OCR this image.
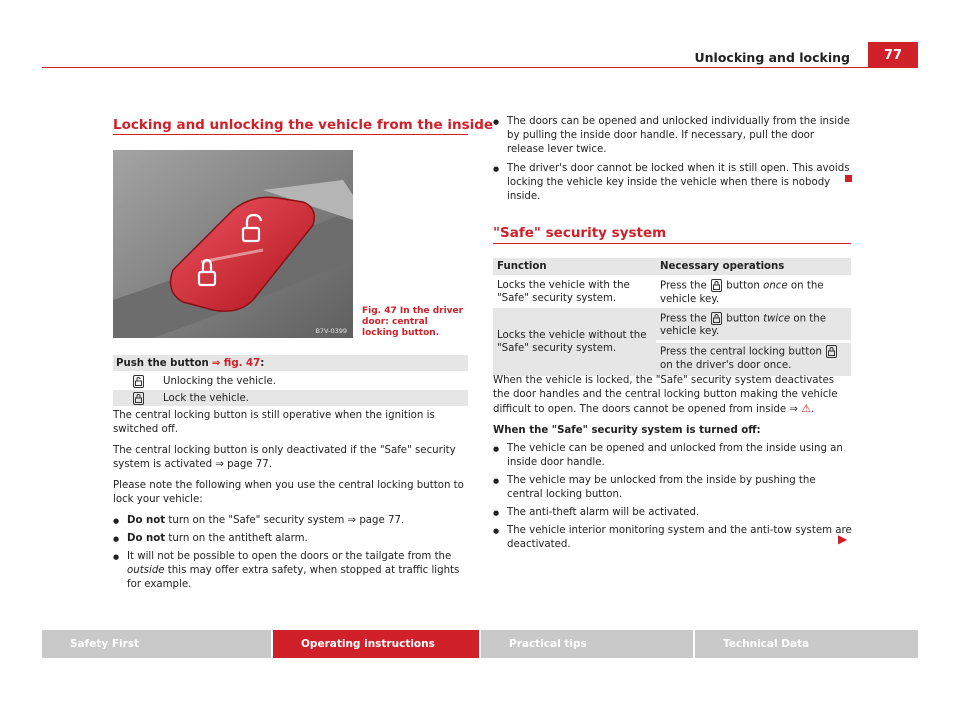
Unlocking and locking	77
Locking and unlocking the vehicle from the inside
B7V-0399
Fig. 47 In the driver door: central locking button.
Push the button ⇒ fig. 47 :
Unlocking the vehicle.
Lock the vehicle.

The central locking button is still operative when the ignition is switched off.

The central locking button is only deactivated if the "Safe" security system is activated ⇒ page 77.

Please note the following when you use the central locking button to lock your vehicle:

● Do not turn on the "Safe" security system ⇒ page 77.

● Do not turn on the antitheft alarm.

● It will not be possible to open the doors or the tailgate from the outside this may offer extra safety, when stopped at traffic lights for example.

● The doors can be opened and unlocked individually from the inside by pulling the inside door handle. If necessary, pull the door release lever twice.

● The driver's door cannot be locked when it is still open. This avoids locking the vehicle key inside the vehicle when there is nobody inside.

"Safe" security system
Function	Necessary operations
Locks the vehicle with the "Safe" security system.	Press the
button once on the vehicle key.
Locks the vehicle without the "Safe" security system.	Press the
button twice on the vehicle key.
	Press the central locking button
on the driver's door once.

When the vehicle is locked, the "Safe" security system deactivates the door handles and the central locking button making the vehicle difficult to open. The doors cannot be opened from inside ⇒ ⚠.

When the "Safe" security system is turned off:

● The vehicle can be opened and unlocked from the inside using an inside door handle.

● The vehicle may be unlocked from the inside by pushing the central locking button.

● The anti-theft alarm will be activated.

● The vehicle interior monitoring system and the anti-tow system are deactivated.	▶
Safety First	Operating instructions	Practical tips	Technical Data
